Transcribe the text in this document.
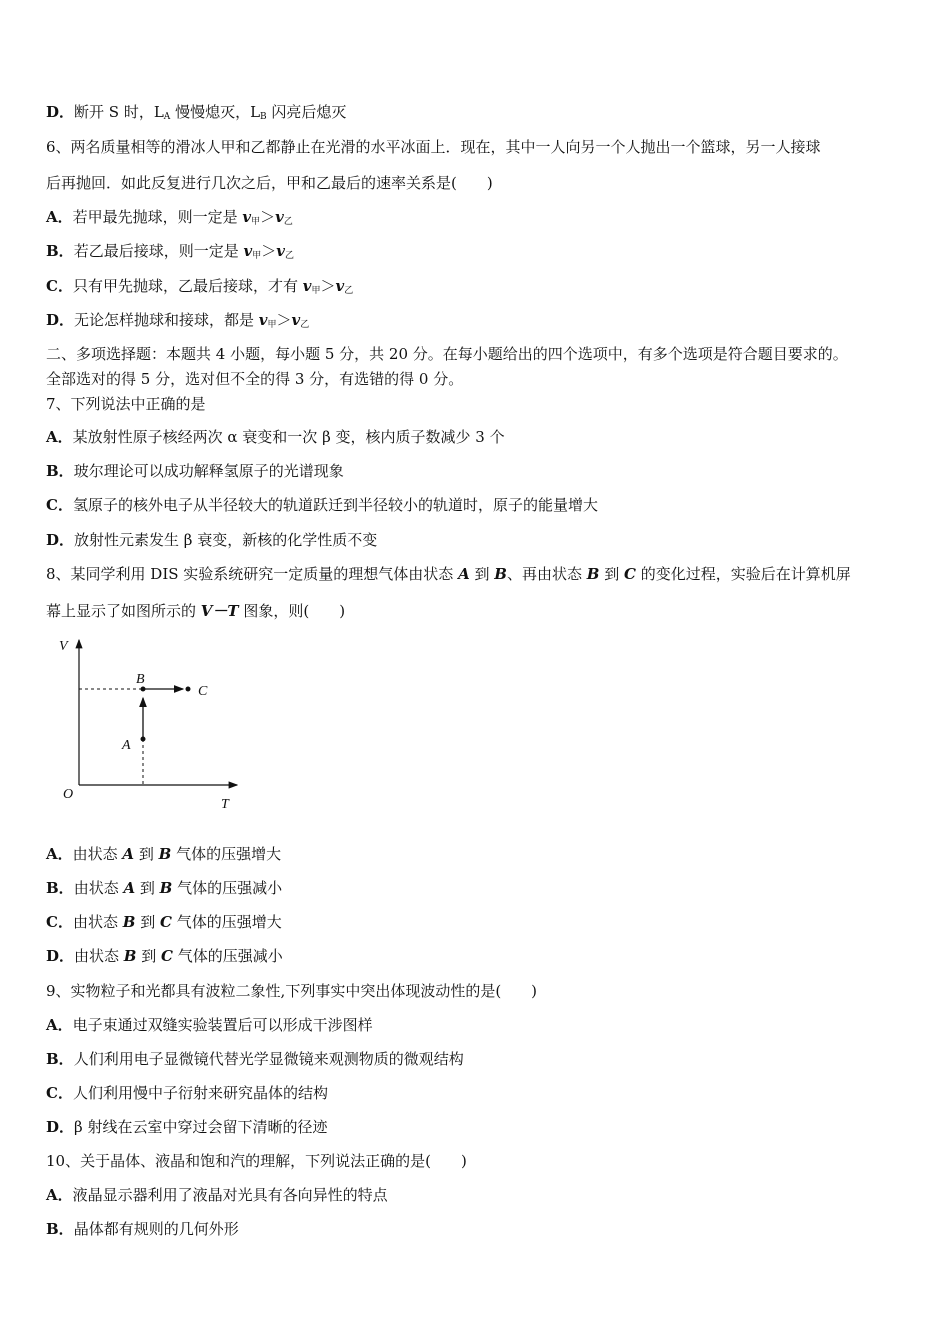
D．断开 S 时，$L_A$ 慢慢熄灭，$L_B$ 闪亮后熄灭
6、两名质量相等的滑冰人甲和乙都静止在光滑的水平冰面上．现在，其中一人向另一个人抛出一个篮球，另一人接球
后再抛回．如此反复进行几次之后，甲和乙最后的速率关系是(　　)
A．若甲最先抛球，则一定是 $v_甲>v_乙$
B．若乙最后接球，则一定是 $v_甲>v_乙$
C．只有甲先抛球，乙最后接球，才有 $v_甲>v_乙$
D．无论怎样抛球和接球，都是 $v_甲>v_乙$
二、多项选择题：本题共 4 小题，每小题 5 分，共 20 分。在每小题给出的四个选项中，有多个选项是符合题目要求的。
全部选对的得 5 分，选对但不全的得 3 分，有选错的得 0 分。
7、下列说法中正确的是
A．某放射性原子核经两次 α 衰变和一次 β 变，核内质子数减少 3 个
B．玻尔理论可以成功解释氢原子的光谱现象
C．氢原子的核外电子从半径较大的轨道跃迁到半径较小的轨道时，原子的能量增大
D．放射性元素发生 β 衰变，新核的化学性质不变
8、某同学利用 DIS 实验系统研究一定质量的理想气体由状态 A 到 B、再由状态 B 到 C 的变化过程，实验后在计算机屏
幕上显示了如图所示的 V－T 图象，则(　　)
V
T
O
A
B
C
A．由状态 A 到 B 气体的压强增大
B．由状态 A 到 B 气体的压强减小
C．由状态 B 到 C 气体的压强增大
D．由状态 B 到 C 气体的压强减小
9、实物粒子和光都具有波粒二象性,下列事实中突出体现波动性的是(　　)
A．电子束通过双缝实验装置后可以形成干涉图样
B．人们利用电子显微镜代替光学显微镜来观测物质的微观结构
C．人们利用慢中子衍射来研究晶体的结构
D．β 射线在云室中穿过会留下清晰的径迹
10、关于晶体、液晶和饱和汽的理解，下列说法正确的是(　　)
A．液晶显示器利用了液晶对光具有各向异性的特点
B．晶体都有规则的几何外形
